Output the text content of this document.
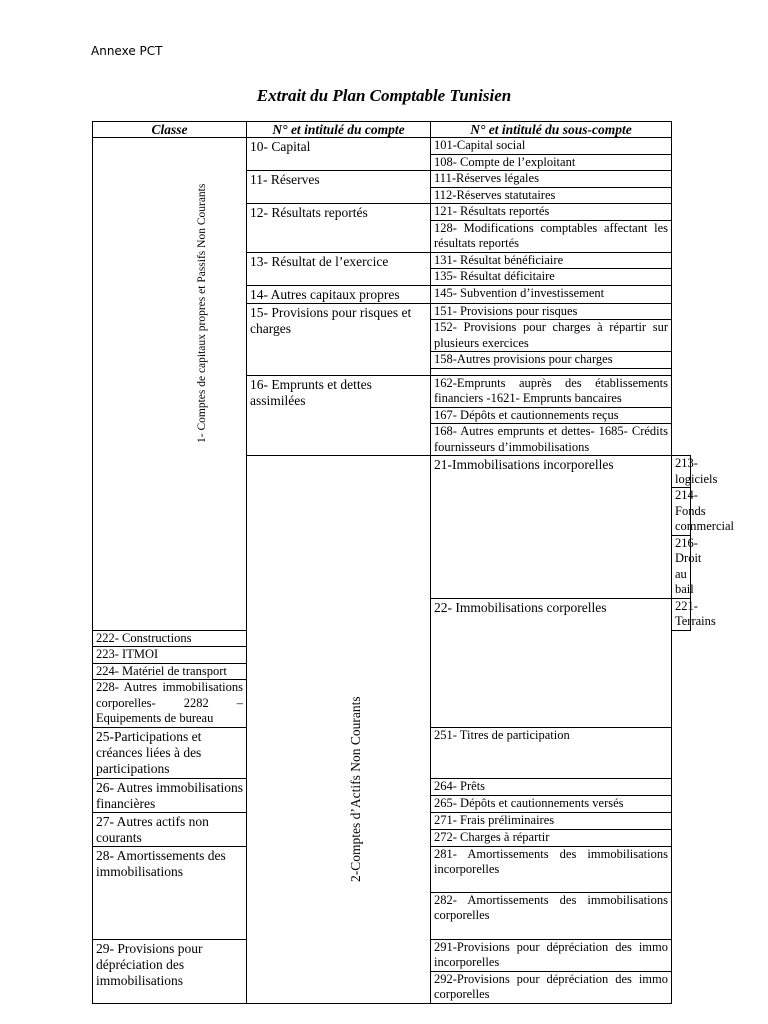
Annexe PCT
Extrait du Plan Comptable Tunisien
Classe	N° et intitulé du compte	N° et intitulé du sous-compte	

1- Comptes de capitaux propres et Passifs Non Courants	10- Capital	101-Capital social	
		108- Compte de l’exploitant	
	11- Réserves	111-Réserves légales	
		112-Réserves statutaires	
	12- Résultats reportés	121- Résultats reportés	
		128- Modifications comptables affectant les résultats reportés	
	13- Résultat de l’exercice	131- Résultat bénéficiaire	
		135- Résultat déficitaire	
	14- Autres capitaux propres	145- Subvention d’investissement	
	15- Provisions pour risques et charges	151- Provisions pour risques	
		152- Provisions pour charges à répartir sur plusieurs exercices	
		158-Autres provisions pour charges	

	16- Emprunts et dettes assimilées	162-Emprunts auprès des établissements financiers -1621- Emprunts bancaires	
		167- Dépôts et cautionnements reçus	
		168- Autres emprunts et dettes- 1685- Crédits fournisseurs d’immobilisations	

	2-Comptes d’Actifs Non Courants	21-Immobilisations incorporelles	213-logiciels
			214-Fonds commercial
			216-Droit au bail
		22- Immobilisations corporelles	221- Terrains
222- Constructions			
223- ITMOI			
224- Matériel de transport			
228- Autres immobilisations corporelles- 2282 –Equipements de bureau			
25-Participations et créances liées à des participations		251- Titres de participation	
26- Autres immobilisations financières		264- Prêts	
		265- Dépôts et cautionnements versés	
27- Autres actifs non courants		271- Frais préliminaires	
		272- Charges à répartir	
28- Amortissements des immobilisations		281- Amortissements des immobilisations incorporelles	
		282- Amortissements des immobilisations corporelles	
29- Provisions pour dépréciation des immobilisations		291-Provisions pour dépréciation des immo incorporelles	
		292-Provisions pour dépréciation des immo corporelles	
